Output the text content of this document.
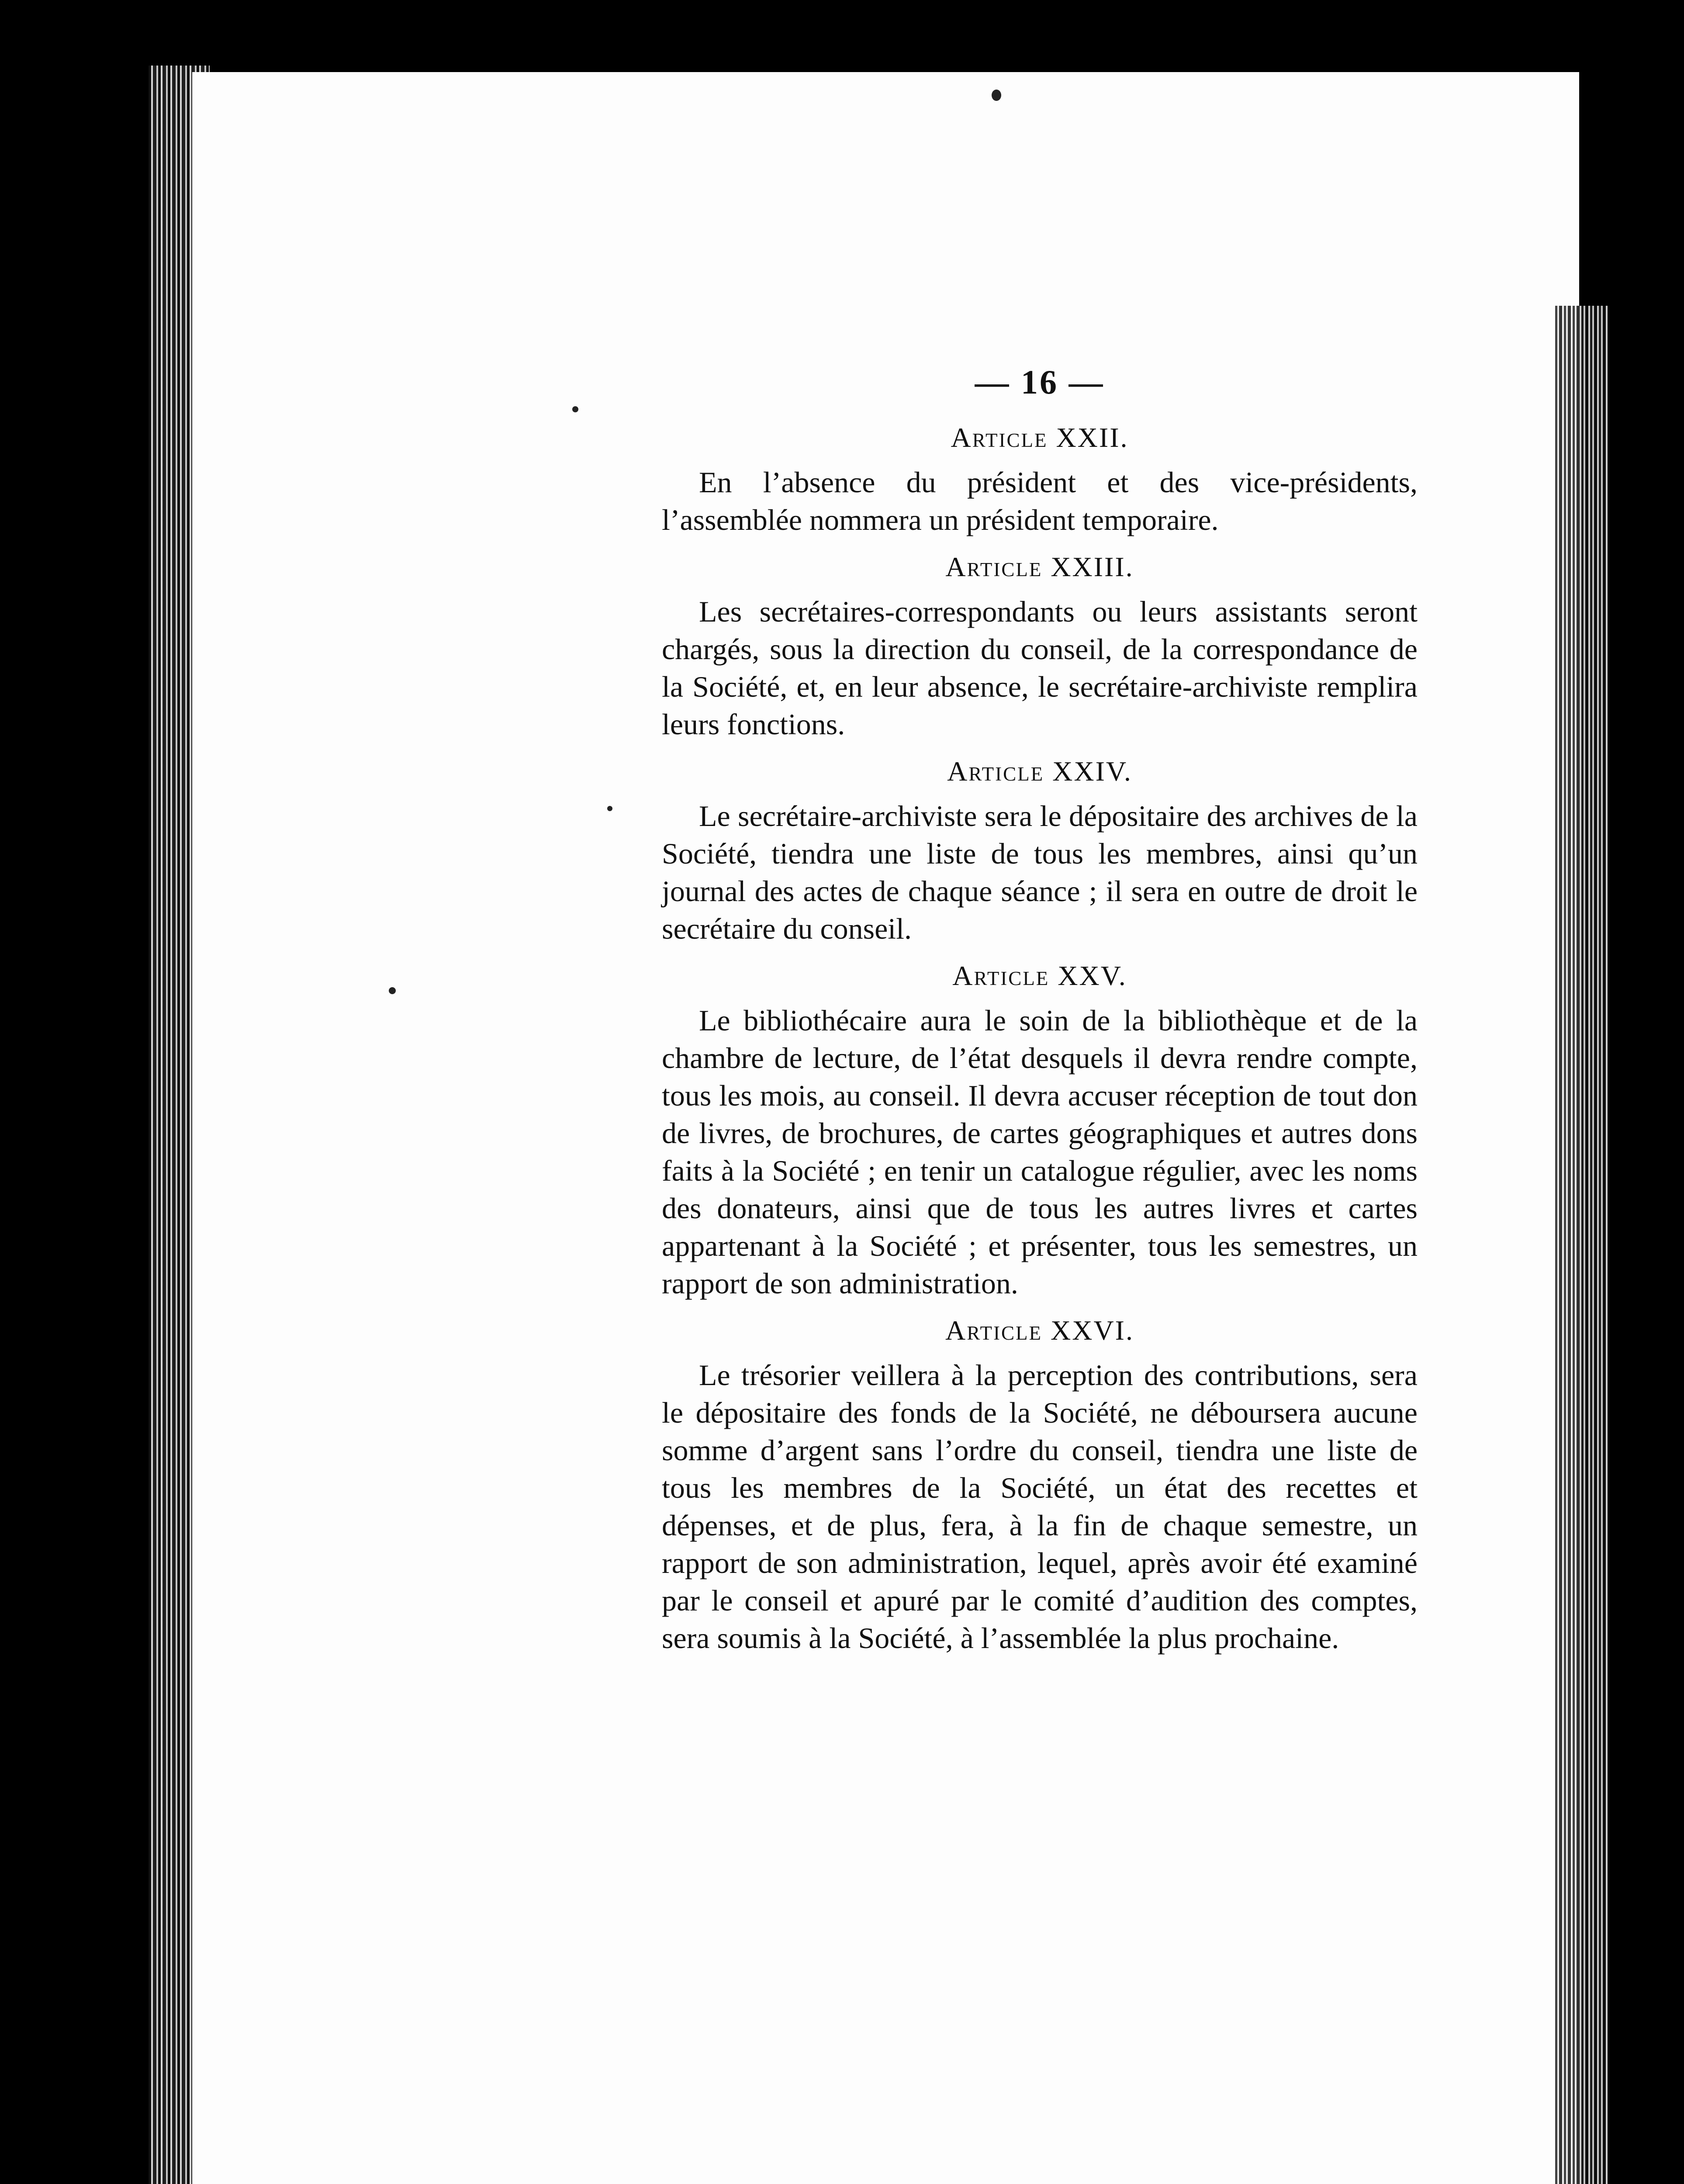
— 16 —
Article XXII.

En l’absence du président et des vice-présidents, l’assemblée nommera un président temporaire.

Article XXIII.

Les secrétaires-correspondants ou leurs assistants seront chargés, sous la direction du conseil, de la correspondance de la Société, et, en leur absence, le secrétaire-archiviste remplira leurs fonctions.

Article XXIV.

Le secrétaire-archiviste sera le dépositaire des archives de la Société, tiendra une liste de tous les membres, ainsi qu’un journal des actes de chaque séance ; il sera en outre de droit le secrétaire du conseil.

Article XXV.

Le bibliothécaire aura le soin de la bibliothèque et de la chambre de lecture, de l’état desquels il devra rendre compte, tous les mois, au conseil. Il devra accuser réception de tout don de livres, de brochures, de cartes géographiques et autres dons faits à la Société ; en tenir un catalogue régulier, avec les noms des donateurs, ainsi que de tous les autres livres et cartes appartenant à la Société ; et présenter, tous les semestres, un rapport de son administration.

Article XXVI.

Le trésorier veillera à la perception des contributions, sera le dépositaire des fonds de la Société, ne déboursera aucune somme d’argent sans l’ordre du conseil, tiendra une liste de tous les membres de la Société, un état des recettes et dépenses, et de plus, fera, à la fin de chaque semestre, un rapport de son administration, lequel, après avoir été examiné par le conseil et apuré par le comité d’audition des comptes, sera soumis à la Société, à l’assemblée la plus prochaine.
